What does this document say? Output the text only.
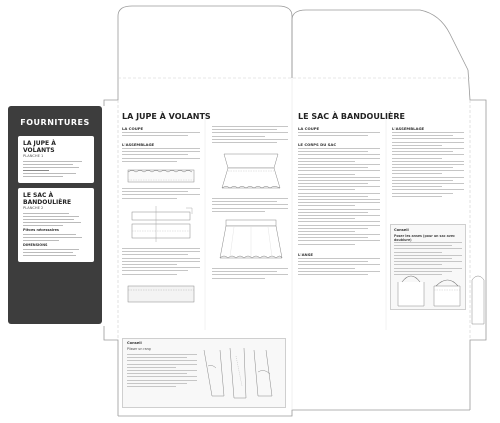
FOURNITURES
LA JUPE À VOLANTS
PLANCHE 1
LE SAC À BANDOULIÈRE
PLANCHE 2
Pièces nécessaires
DIMENSIONS
LA JUPE À VOLANTS
LA COUPE
L'ASSEMBLAGE
Conseil
Plisser un rang
LE SAC À BANDOULIÈRE
LA COUPE
LE CORPS DU SAC
L'ANSE
L'ASSEMBLAGE
Conseil
Poser les anses (pour un sac avec doublure)
